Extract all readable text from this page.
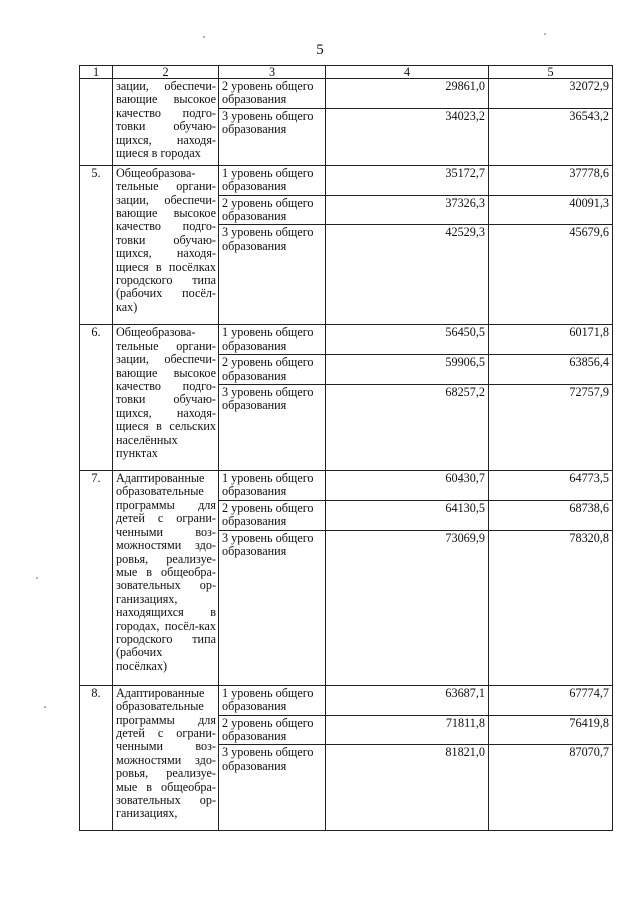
5
1	2	3	4	5
	зации, обеспечи-вающие высокое качество подго-товки обучаю-щихся, находя-щиеся в городах	2 уровень общего образования	29861,0	32072,9
		3 уровень общего образования	34023,2	36543,2
5.	Общеобразова-тельные органи-зации, обеспечи-вающие высокое качество подго-товки обучаю-щихся, находя-щиеся в посёлках городского типа (рабочих посёл-ках)	1 уровень общего образования	35172,7	37778,6
		2 уровень общего образования	37326,3	40091,3
		3 уровень общего образования	42529,3	45679,6
6.	Общеобразова-тельные органи-зации, обеспечи-вающие высокое качество подго-товки обучаю-щихся, находя-щиеся в сельских населённых пунктах	1 уровень общего образования	56450,5	60171,8
		2 уровень общего образования	59906,5	63856,4
		3 уровень общего образования	68257,2	72757,9
7.	Адаптированные образовательные программы для детей с ограни-ченными воз-можностями здо-ровья, реализуе-мые в общеобра-зовательных ор-ганизациях, находящихся в городах, посёл-ках городского типа (рабочих посёлках)	1 уровень общего образования	60430,7	64773,5
		2 уровень общего образования	64130,5	68738,6
		3 уровень общего образования	73069,9	78320,8
8.	Адаптированные образовательные программы для детей с ограни-ченными воз-можностями здо-ровья, реализуе-мые в общеобра-зовательных ор-ганизациях,	1 уровень общего образования	63687,1	67774,7
		2 уровень общего образования	71811,8	76419,8
		3 уровень общего образования	81821,0	87070,7
